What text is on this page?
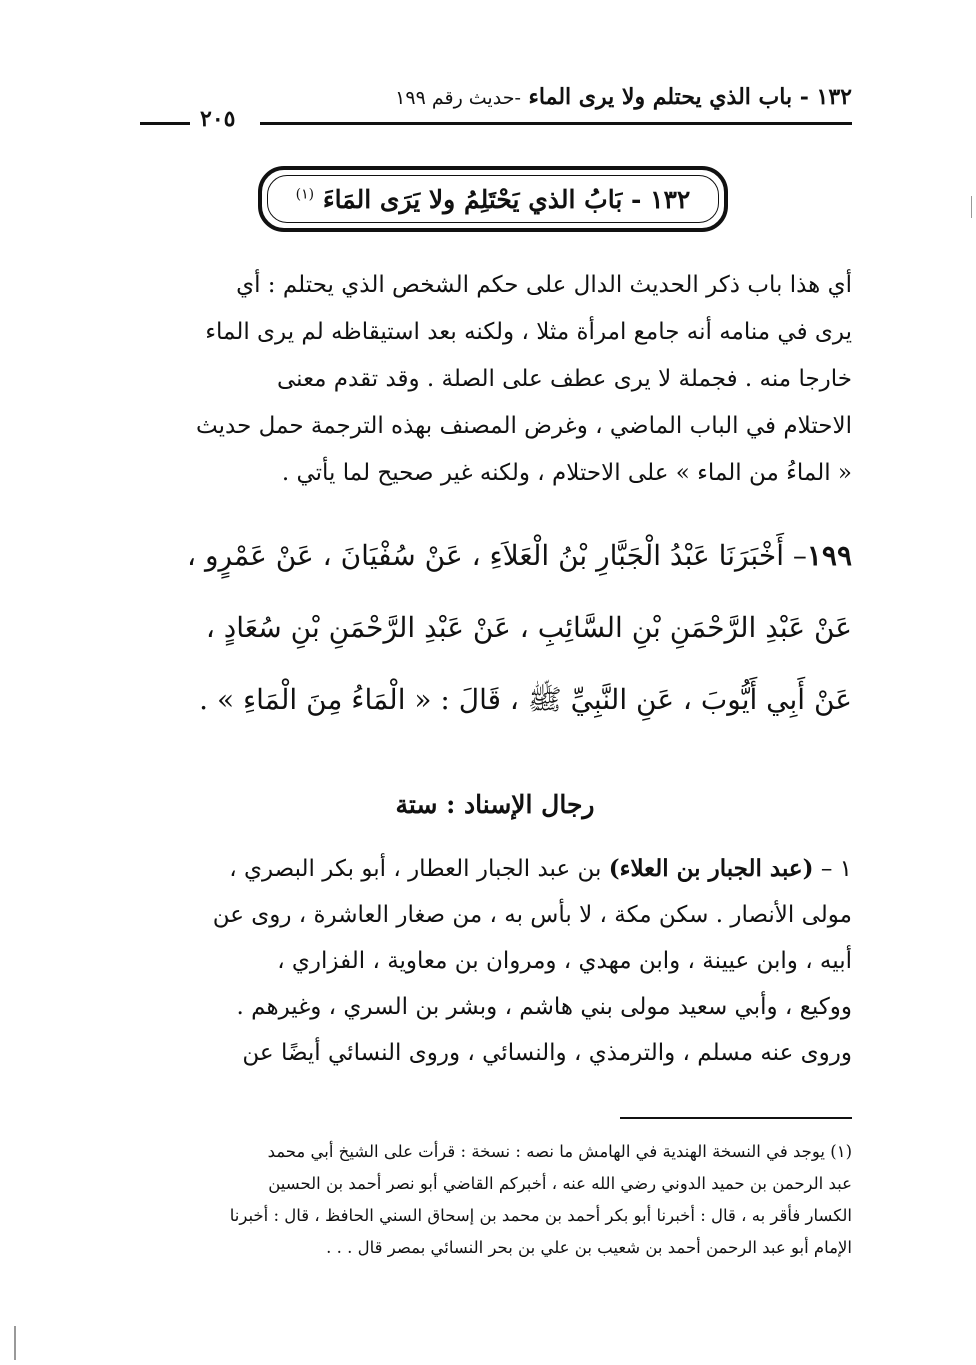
١٣٢ - باب الذي يحتلم ولا يرى الماء -حديث رقم ١٩٩
٢٠٥
١٣٢ - بَابُ الذي يَحْتَلِمُ ولا يَرَى المَاءَ $^{(١)}$
أي هذا باب ذكر الحديث الدال على حكم الشخص الذي يحتلم : أي
يرى في منامه أنه جامع امرأة مثلا ، ولكنه بعد استيقاظه لم يرى الماء
خارجا منه . فجملة لا يرى عطف على الصلة . وقد تقدم معنى
الاحتلام في الباب الماضي ، وغرض المصنف بهذه الترجمة حمل حديث
« الماءُ من الماء » على الاحتلام ، ولكنه غير صحيح لما يأتي .
١٩٩– أَخْبَرَنَا عَبْدُ الْجَبَّارِ بْنُ الْعَلاَءِ ، عَنْ سُفْيَانَ ، عَنْ عَمْرٍو ،
عَنْ عَبْدِ الرَّحْمَنِ بْنِ السَّائِبِ ، عَنْ عَبْدِ الرَّحْمَنِ بْنِ سُعَادٍ ،
عَنْ أَبِي أَيُّوبَ ، عَنِ النَّبِيِّ ﷺ ، قَالَ : « الْمَاءُ مِنَ الْمَاءِ » .
رجال الإسناد : ستة
١ – (عبد الجبار بن العلاء) بن عبد الجبار العطار ، أبو بكر البصري ،
مولى الأنصار . سكن مكة ، لا بأس به ، من صغار العاشرة ، روى عن
أبيه ، وابن عيينة ، وابن مهدي ، ومروان بن معاوية ، الفزاري ،
ووكيع ، وأبي سعيد مولى بني هاشم ، وبشر بن السري ، وغيرهم .
وروى عنه مسلم ، والترمذي ، والنسائي ، وروى النسائي أيضًا عن
(١) يوجد في النسخة الهندية في الهامش ما نصه : نسخة : قرأت على الشيخ أبي محمد
عبد الرحمن بن حميد الدوني رضي الله عنه ، أخبركم القاضي أبو نصر أحمد بن الحسين
الكسار فأقر به ، قال : أخبرنا أبو بكر أحمد بن محمد بن إسحاق السني الحافظ ، قال : أخبرنا
الإمام أبو عبد الرحمن أحمد بن شعيب بن علي بن بحر النسائي بمصر قال . . .
